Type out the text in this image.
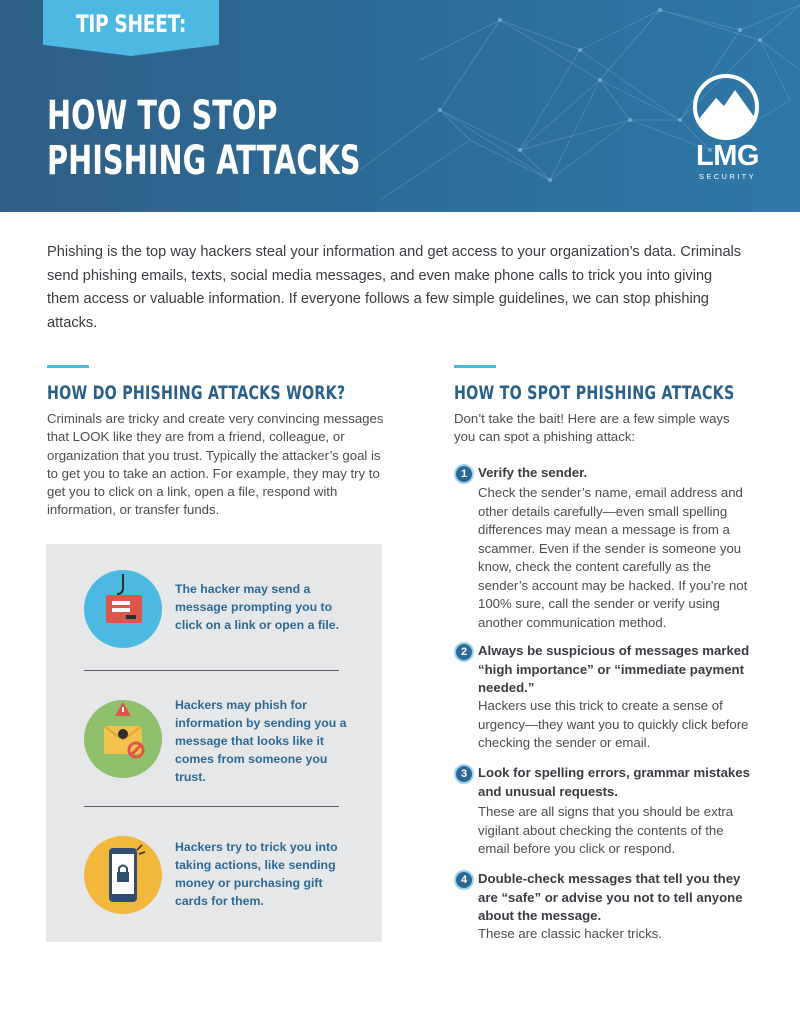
TIP SHEET:
HOW TO STOP
PHISHING ATTACKS	LMG
SECURITY

Phishing is the top way hackers steal your information and get access to your organization’s data. Criminals send phishing emails, texts, social media messages, and even make phone calls to trick you into giving them access or valuable information. If everyone follows a few simple guidelines, we can stop phishing attacks.

HOW DO PHISHING ATTACKS WORK?

Criminals are tricky and create very convincing messages that LOOK like they are from a friend, colleague, or organization that you trust. Typically the attacker’s goal is to get you to take an action. For example, they may try to get you to click on a link, open a file, respond with information, or transfer funds.

The hacker may send a message prompting you to click on a link or open a file.
Hackers may phish for information by sending you a message that looks like it comes from someone you trust.
Hackers try to trick you into taking actions, like sending money or purchasing gift cards for them.
HOW TO SPOT PHISHING ATTACKS

Don’t take the bait! Here are a few simple ways you can spot a phishing attack:

1 Verify the sender.
Check the sender’s name, email address and other details carefully—even small spelling differences may mean a message is from a scammer. Even if the sender is someone you know, check the content carefully as the sender’s account may be hacked. If you’re not 100% sure, call the sender or verify using another communication method.
2 Always be suspicious of messages marked “high importance” or “immediate payment needed.”
Hackers use this trick to create a sense of urgency—they want you to quickly click before checking the sender or email.
3 Look for spelling errors, grammar mistakes and unusual requests.
These are all signs that you should be extra vigilant about checking the contents of the email before you click or respond.
4 Double-check messages that tell you they are “safe” or advise you not to tell anyone about the message.
These are classic hacker tricks.
